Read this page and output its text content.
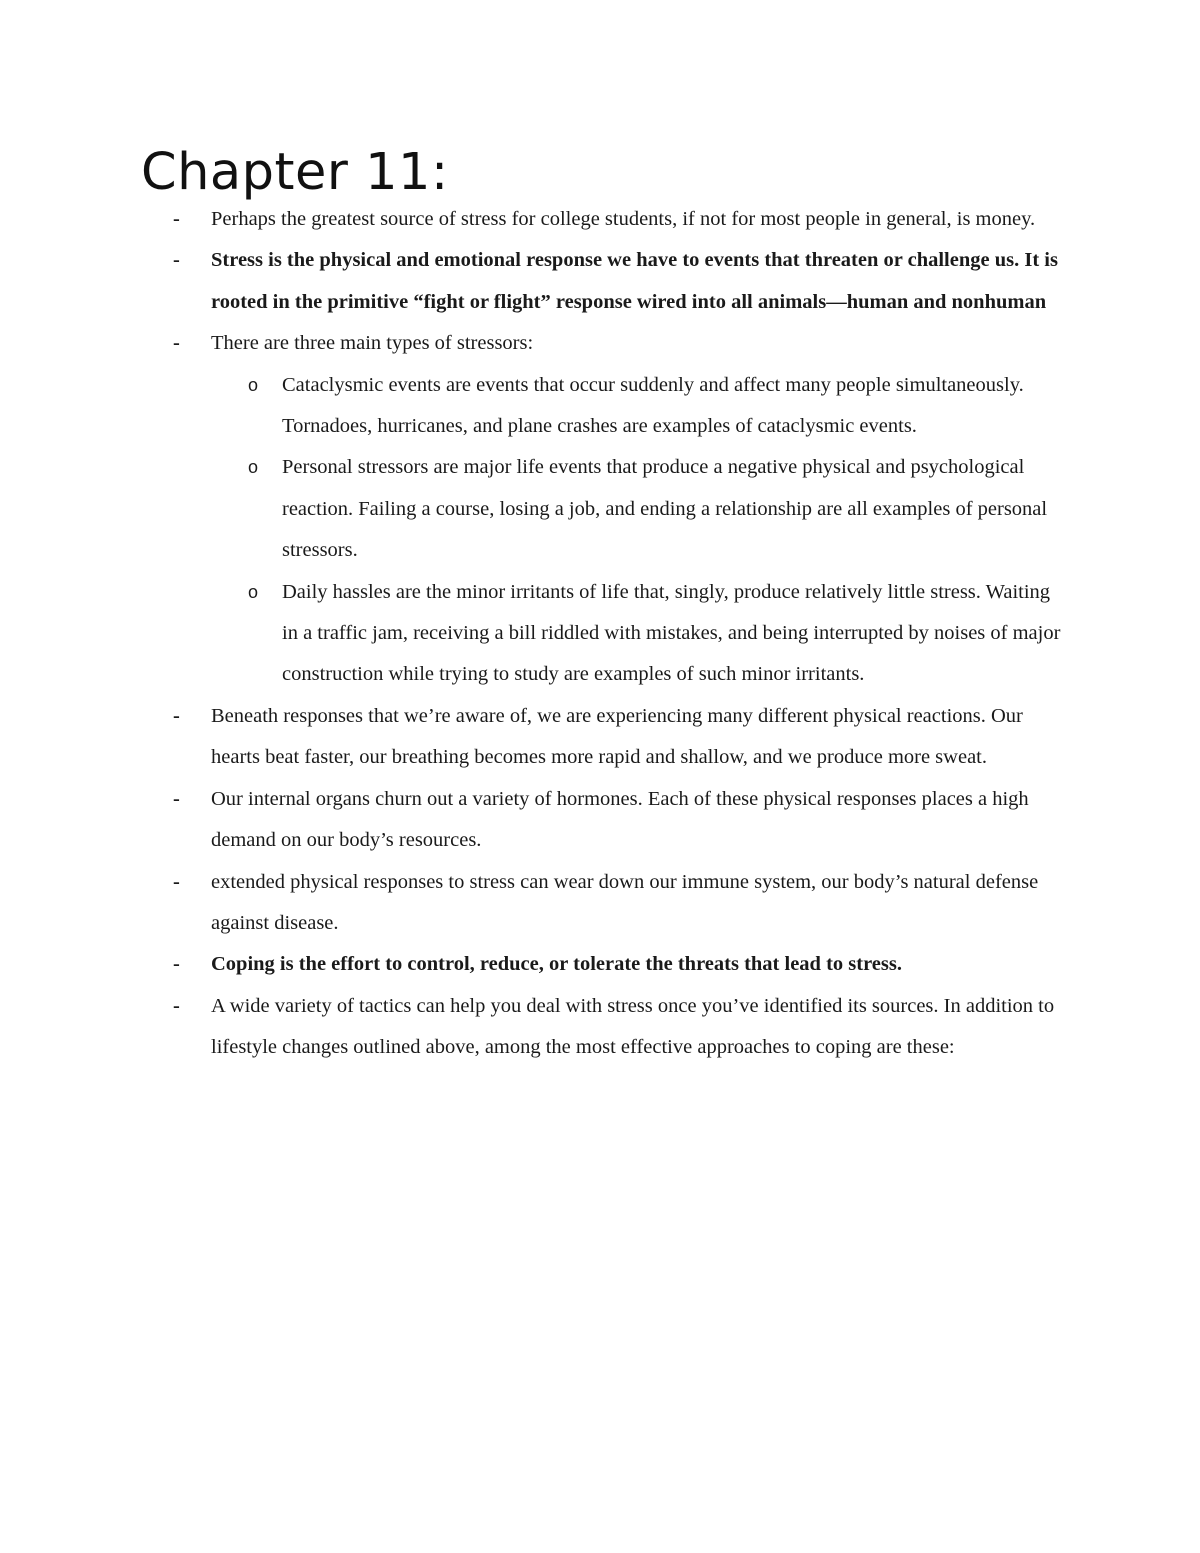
Chapter 11:
- Perhaps the greatest source of stress for college students, if not for most people in general, is money.
- Stress is the physical and emotional response we have to events that threaten or challenge us. It is rooted in the primitive “fight or flight” response wired into all animals—human and nonhuman
- There are three main types of stressors:
o Cataclysmic events are events that occur suddenly and affect many people simultaneously. Tornadoes, hurricanes, and plane crashes are examples of cataclysmic events.
o Personal stressors are major life events that produce a negative physical and psychological reaction. Failing a course, losing a job, and ending a relationship are all examples of personal stressors.
o Daily hassles are the minor irritants of life that, singly, produce relatively little stress. Waiting in a traffic jam, receiving a bill riddled with mistakes, and being interrupted by noises of major construction while trying to study are examples of such minor irritants.
- Beneath responses that we’re aware of, we are experiencing many different physical reactions. Our hearts beat faster, our breathing becomes more rapid and shallow, and we produce more sweat.
- Our internal organs churn out a variety of hormones. Each of these physical responses places a high demand on our body’s resources.
- extended physical responses to stress can wear down our immune system, our body’s natural defense against disease.
- Coping is the effort to control, reduce, or tolerate the threats that lead to stress.
- A wide variety of tactics can help you deal with stress once you’ve identified its sources. In addition to lifestyle changes outlined above, among the most effective approaches to coping are these:
